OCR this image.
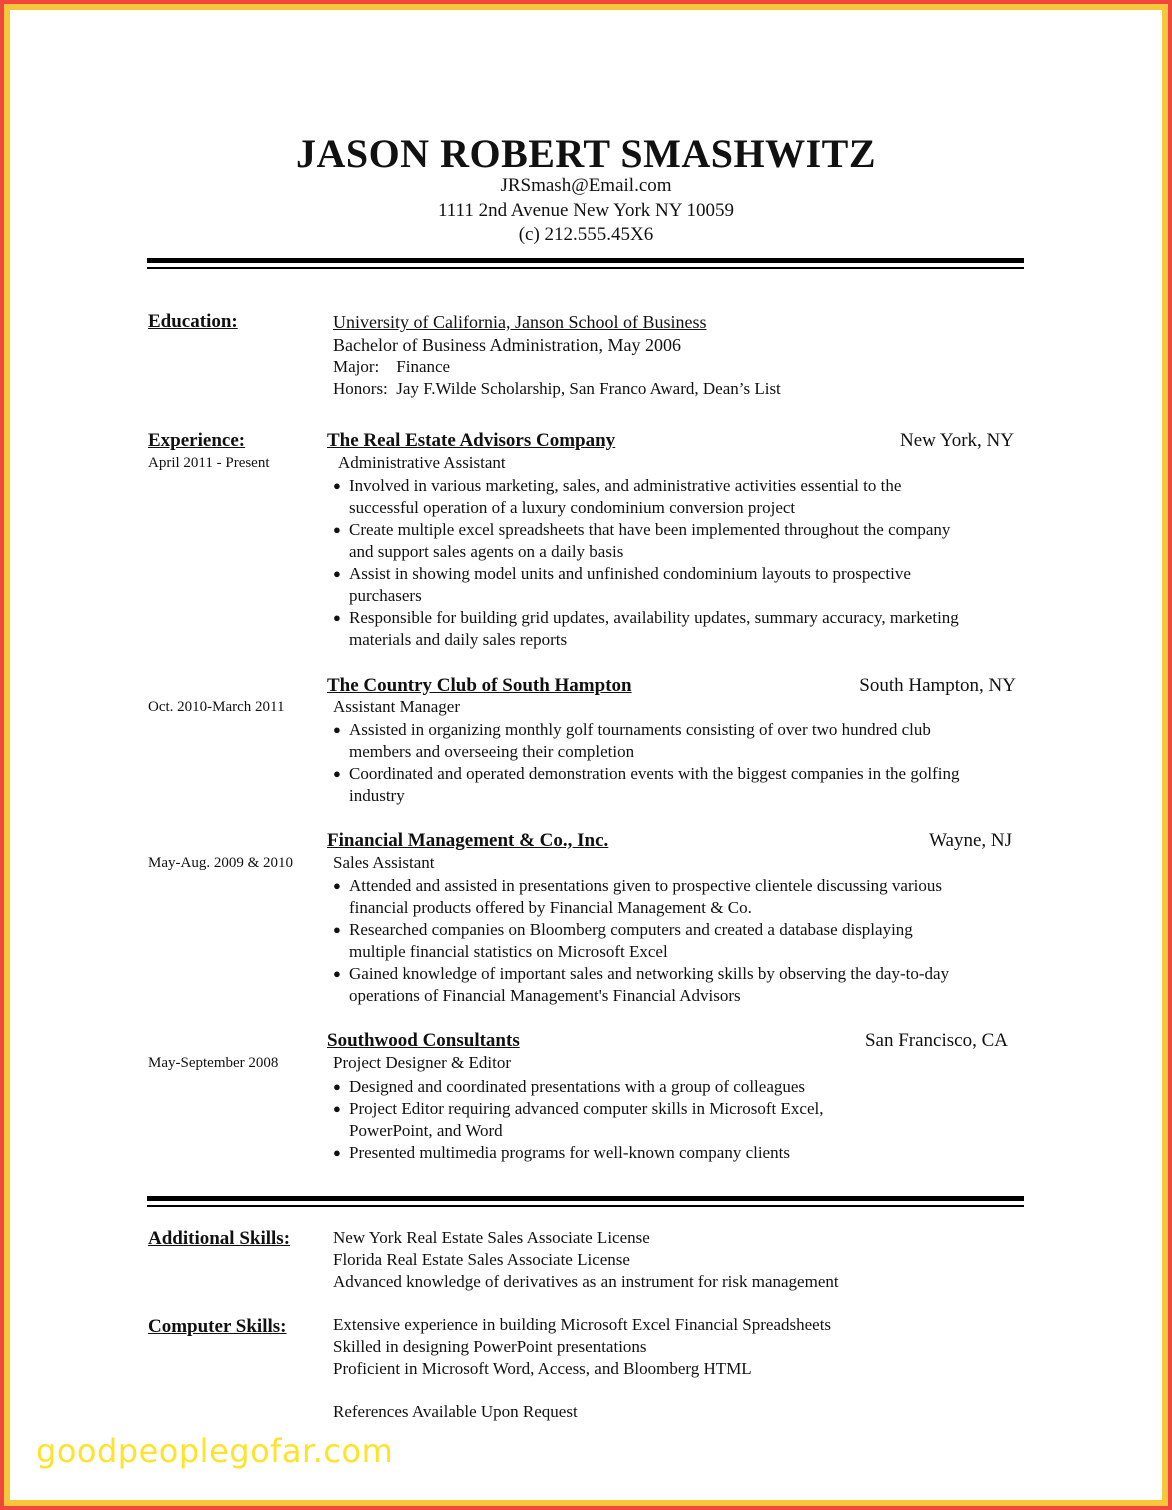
JASON ROBERT SMASHWITZ
JRSmash@Email.com
1111 2nd Avenue New York NY 10059
(c) 212.555.45X6
Education:	University of California, Janson School of Business
Bachelor of Business Administration, May 2006
Major:    Finance
Honors:  Jay F.Wilde Scholarship, San Franco Award, Dean’s List
Experience:	The Real Estate Advisors Company	New York, NY
April 2011 - Present	Administrative Assistant
● Involved in various marketing, sales, and administrative activities essential to the successful operation of a luxury condominium conversion project
● Create multiple excel spreadsheets that have been implemented throughout the company and support sales agents on a daily basis
● Assist in showing model units and unfinished condominium layouts to prospective purchasers
● Responsible for building grid updates, availability updates, summary accuracy, marketing materials and daily sales reports
The Country Club of South Hampton	South Hampton, NY
Oct. 2010-March 2011	Assistant Manager
● Assisted in organizing monthly golf tournaments consisting of over two hundred club members and overseeing their completion
● Coordinated and operated demonstration events with the biggest companies in the golfing industry
Financial Management & Co., Inc.	Wayne, NJ
May-Aug. 2009 & 2010 Sales Assistant
● Attended and assisted in presentations given to prospective clientele discussing various financial products offered by Financial Management & Co.
● Researched companies on Bloomberg computers and created a database displaying multiple financial statistics on Microsoft Excel
● Gained knowledge of important sales and networking skills by observing the day-to-day operations of Financial Management's Financial Advisors
Southwood Consultants	San Francisco, CA
May-September 2008	Project Designer & Editor
● Designed and coordinated presentations with a group of colleagues
● Project Editor requiring advanced computer skills in Microsoft Excel, PowerPoint, and Word
● Presented multimedia programs for well-known company clients
Additional Skills:	New York Real Estate Sales Associate License
Florida Real Estate Sales Associate License
Advanced knowledge of derivatives as an instrument for risk management
Computer Skills:	Extensive experience in building Microsoft Excel Financial Spreadsheets
Skilled in designing PowerPoint presentations
Proficient in Microsoft Word, Access, and Bloomberg HTML
References Available Upon Request
goodpeoplegofar.com
